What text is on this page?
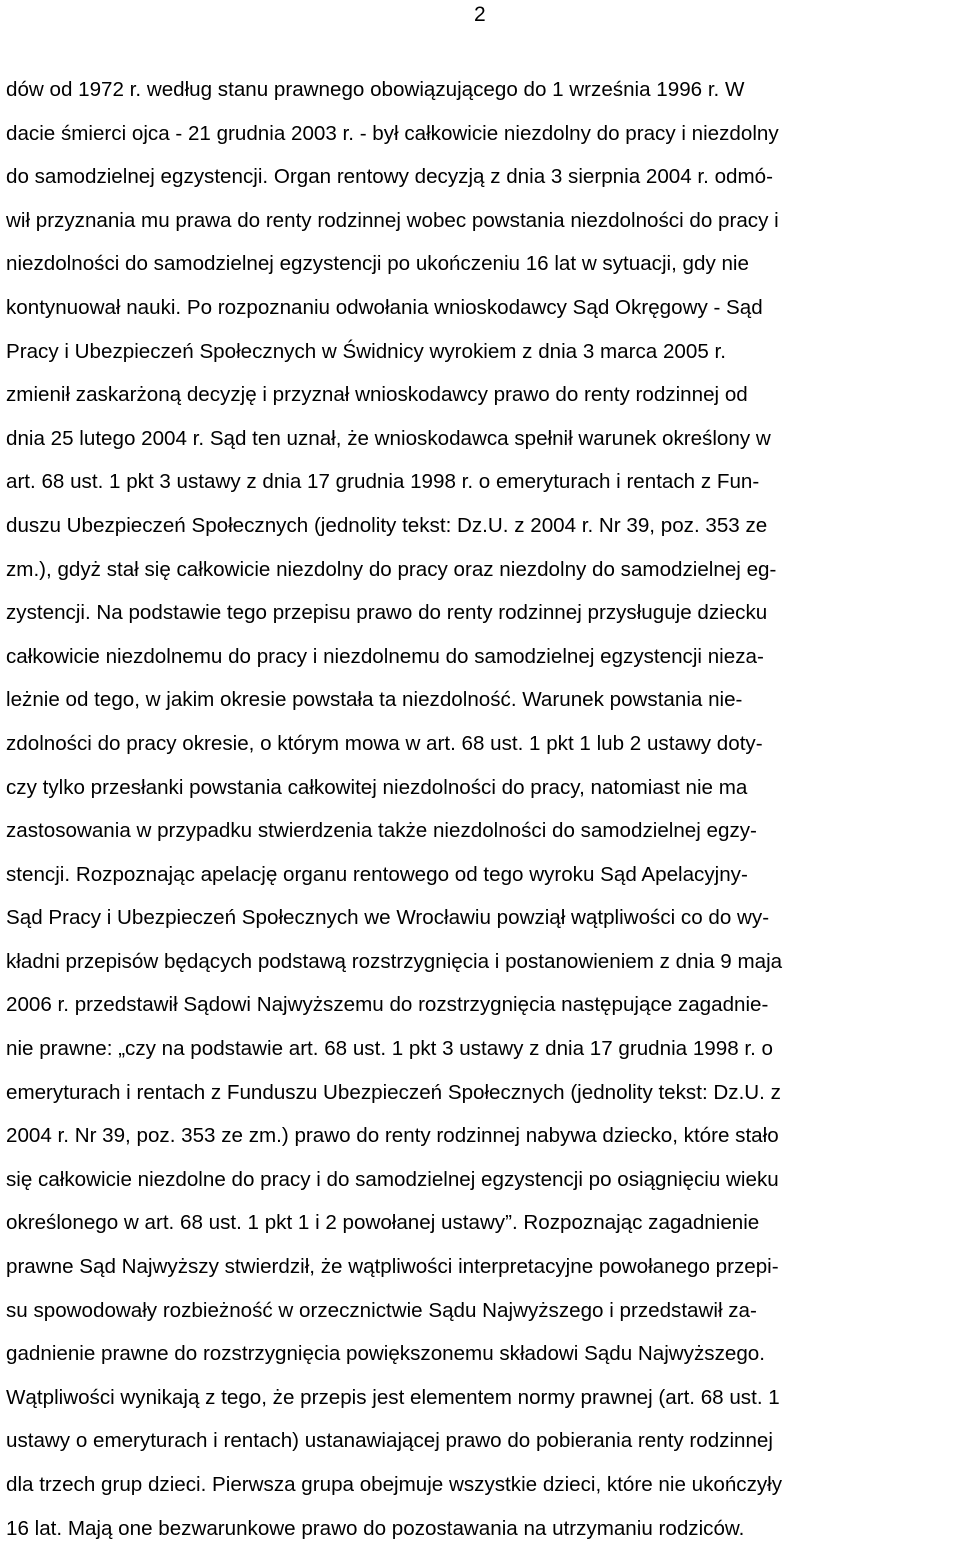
2
dów od 1972 r. według stanu prawnego obowiązującego do 1 września 1996 r. W
dacie śmierci ojca - 21 grudnia 2003 r. - był całkowicie niezdolny do pracy i niezdolny
do samodzielnej egzystencji. Organ rentowy decyzją z dnia 3 sierpnia 2004 r. odmó-
wił przyznania mu prawa do renty rodzinnej wobec powstania niezdolności do pracy i
niezdolności do samodzielnej egzystencji po ukończeniu 16 lat w sytuacji, gdy nie
kontynuował nauki. Po rozpoznaniu odwołania wnioskodawcy Sąd Okręgowy - Sąd
Pracy i Ubezpieczeń Społecznych w Świdnicy wyrokiem z dnia 3 marca 2005 r.
zmienił zaskarżoną decyzję i przyznał wnioskodawcy prawo do renty rodzinnej od
dnia 25 lutego 2004 r. Sąd ten uznał, że wnioskodawca spełnił warunek określony w
art. 68 ust. 1 pkt 3 ustawy z dnia 17 grudnia 1998 r. o emeryturach i rentach z Fun-
duszu Ubezpieczeń Społecznych (jednolity tekst: Dz.U. z 2004 r. Nr 39, poz. 353 ze
zm.), gdyż stał się całkowicie niezdolny do pracy oraz niezdolny do samodzielnej eg-
zystencji. Na podstawie tego przepisu prawo do renty rodzinnej przysługuje dziecku
całkowicie niezdolnemu do pracy i niezdolnemu do samodzielnej egzystencji nieza-
leżnie od tego, w jakim okresie powstała ta niezdolność. Warunek powstania nie-
zdolności do pracy okresie, o którym mowa w art. 68 ust. 1 pkt 1 lub 2 ustawy doty-
czy tylko przesłanki powstania całkowitej niezdolności do pracy, natomiast nie ma
zastosowania w przypadku stwierdzenia także niezdolności do samodzielnej egzy-
stencji. Rozpoznając apelację organu rentowego od tego wyroku Sąd Apelacyjny-
Sąd Pracy i Ubezpieczeń Społecznych we Wrocławiu powziął wątpliwości co do wy-
kładni przepisów będących podstawą rozstrzygnięcia i postanowieniem z dnia 9 maja
2006 r. przedstawił Sądowi Najwyższemu do rozstrzygnięcia następujące zagadnie-
nie prawne: „czy na podstawie art. 68 ust. 1 pkt 3 ustawy z dnia 17 grudnia 1998 r. o
emeryturach i rentach z Funduszu Ubezpieczeń Społecznych (jednolity tekst: Dz.U. z
2004 r. Nr 39, poz. 353 ze zm.) prawo do renty rodzinnej nabywa dziecko, które stało
się całkowicie niezdolne do pracy i do samodzielnej egzystencji po osiągnięciu wieku
określonego w art. 68 ust. 1 pkt 1 i 2 powołanej ustawy”. Rozpoznając zagadnienie
prawne Sąd Najwyższy stwierdził, że wątpliwości interpretacyjne powołanego przepi-
su spowodowały rozbieżność w orzecznictwie Sądu Najwyższego i przedstawił za-
gadnienie prawne do rozstrzygnięcia powiększonemu składowi Sądu Najwyższego.
Wątpliwości wynikają z tego, że przepis jest elementem normy prawnej (art. 68 ust. 1
ustawy o emeryturach i rentach) ustanawiającej prawo do pobierania renty rodzinnej
dla trzech grup dzieci. Pierwsza grupa obejmuje wszystkie dzieci, które nie ukończyły
16 lat. Mają one bezwarunkowe prawo do pozostawania na utrzymaniu rodziców.
